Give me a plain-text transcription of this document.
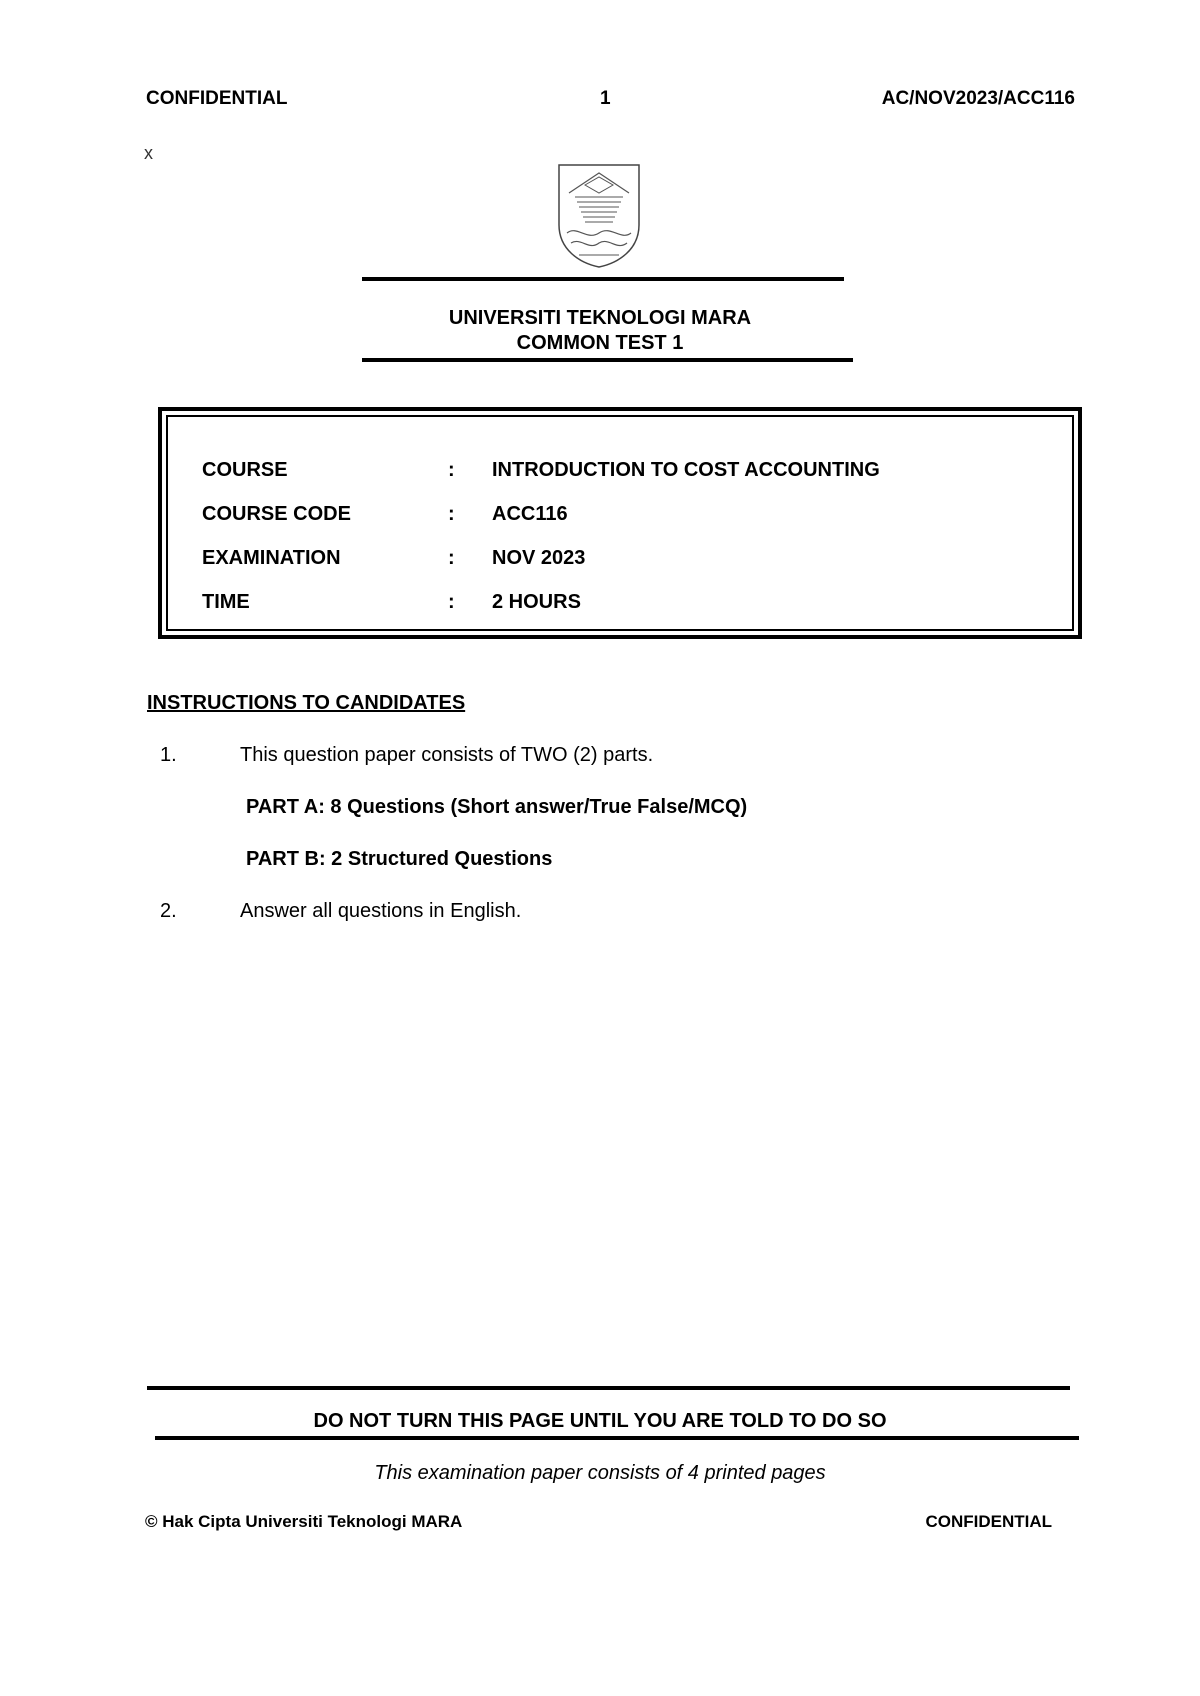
CONFIDENTIAL	1	AC/NOV2023/ACC116
x
UNIVERSITI TEKNOLOGI MARA
COMMON TEST 1
COURSE	: INTRODUCTION TO COST ACCOUNTING
COURSE CODE	: ACC116
EXAMINATION	: NOV 2023
TIME	: 2 HOURS
INSTRUCTIONS TO CANDIDATES
1.	This question paper consists of TWO (2) parts.
PART A: 8 Questions (Short answer/True False/MCQ)
PART B: 2 Structured Questions
2.	Answer all questions in English.
DO NOT TURN THIS PAGE UNTIL YOU ARE TOLD TO DO SO
This examination paper consists of 4 printed pages
© Hak Cipta Universiti Teknologi MARA	CONFIDENTIAL
